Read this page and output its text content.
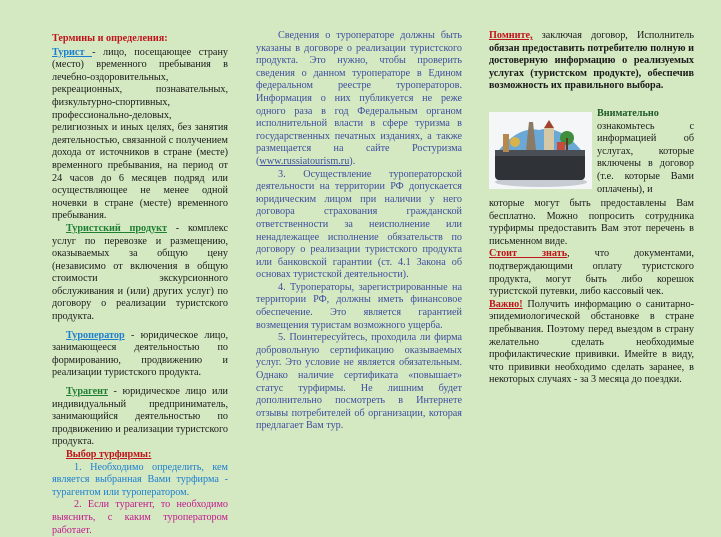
Термины и определения:

Турист - лицо, посещающее страну (место) временного пребывания в лечебно-оздоровительных, рекреационных, познавательных, физкультурно-спортивных, профессионально-деловых, религиозных и иных целях, без занятия деятельностью, связанной с получением дохода от источников в стране (месте) временного пребывания, на период от 24 часов до 6 месяцев подряд или осуществляющее не менее одной ночевки в стране (месте) временного пребывания.

Туристский продукт - комплекс услуг по перевозке и размещению, оказываемых за общую цену (независимо от включения в общую стоимости экскурсионного обслуживания и (или) других услуг) по договору о реализации туристского продукта.

Туроператор - юридическое лицо, занимающееся деятельностью по формированию, продвижению и реализации туристского продукта.

Турагент - юридическое лицо или индивидуальный предприниматель, занимающийся деятельностью по продвижению и реализации туристского продукта.

Выбор турфирмы:

1. Необходимо определить, кем является выбранная Вами турфирма - турагентом или туроператором.

2. Если турагент, то необходимо выяснить, с каким туроператором работает.

Сведения о туроператоре должны быть указаны в договоре о реализации туристского продукта. Это нужно, чтобы проверить сведения о данном туроператоре в Едином федеральном реестре туроператоров. Информация о них публикуется не реже одного раза в год Федеральным органом исполнительной власти в сфере туризма в государственных печатных изданиях, а также размещается на сайте Ростуризма (www.russiatourism.ru).

3. Осуществление туроператорской деятельности на территории РФ допускается юридическим лицом при наличии у него договора страхования гражданской ответственности за неисполнение или ненадлежащее исполнение обязательств по договору о реализации туристского продукта или банковской гарантии (ст. 4.1 Закона об основах туристской деятельности).

4. Туроператоры, зарегистрированные на территории РФ, должны иметь финансовое обеспечение. Это является гарантией возмещения туристам возможного ущерба.

5. Поинтересуйтесь, проходила ли фирма добровольную сертификацию оказываемых услуг. Это условие не является обязательным. Однако наличие сертификата «повышает» статус турфирмы. Не лишним будет дополнительно посмотреть в Интернете отзывы потребителей об организации, которая предлагает Вам тур.

Помните, заключая договор, Исполнитель обязан предоставить потребителю полную и достоверную информацию о реализуемых услугах (туристском продукте), обеспечив возможность их правильного выбора.

Внимательно ознакомьтесь с информацией об услугах, которые включены в договор (т.е. которые Вами оплачены), и

которые могут быть предоставлены Вам бесплатно. Можно попросить сотрудника турфирмы предоставить Вам этот перечень в письменном виде.

Стоит знать, что документами, подтверждающими оплату туристского продукта, могут быть либо корешок туристской путевки, либо кассовый чек.

Важно! Получить информацию о санитарно-эпидемиологической обстановке в стране пребывания. Поэтому перед выездом в страну желательно сделать необходимые профилактические прививки. Имейте в виду, что прививки необходимо сделать заранее, в некоторых случаях - за 3 месяца до поездки.
